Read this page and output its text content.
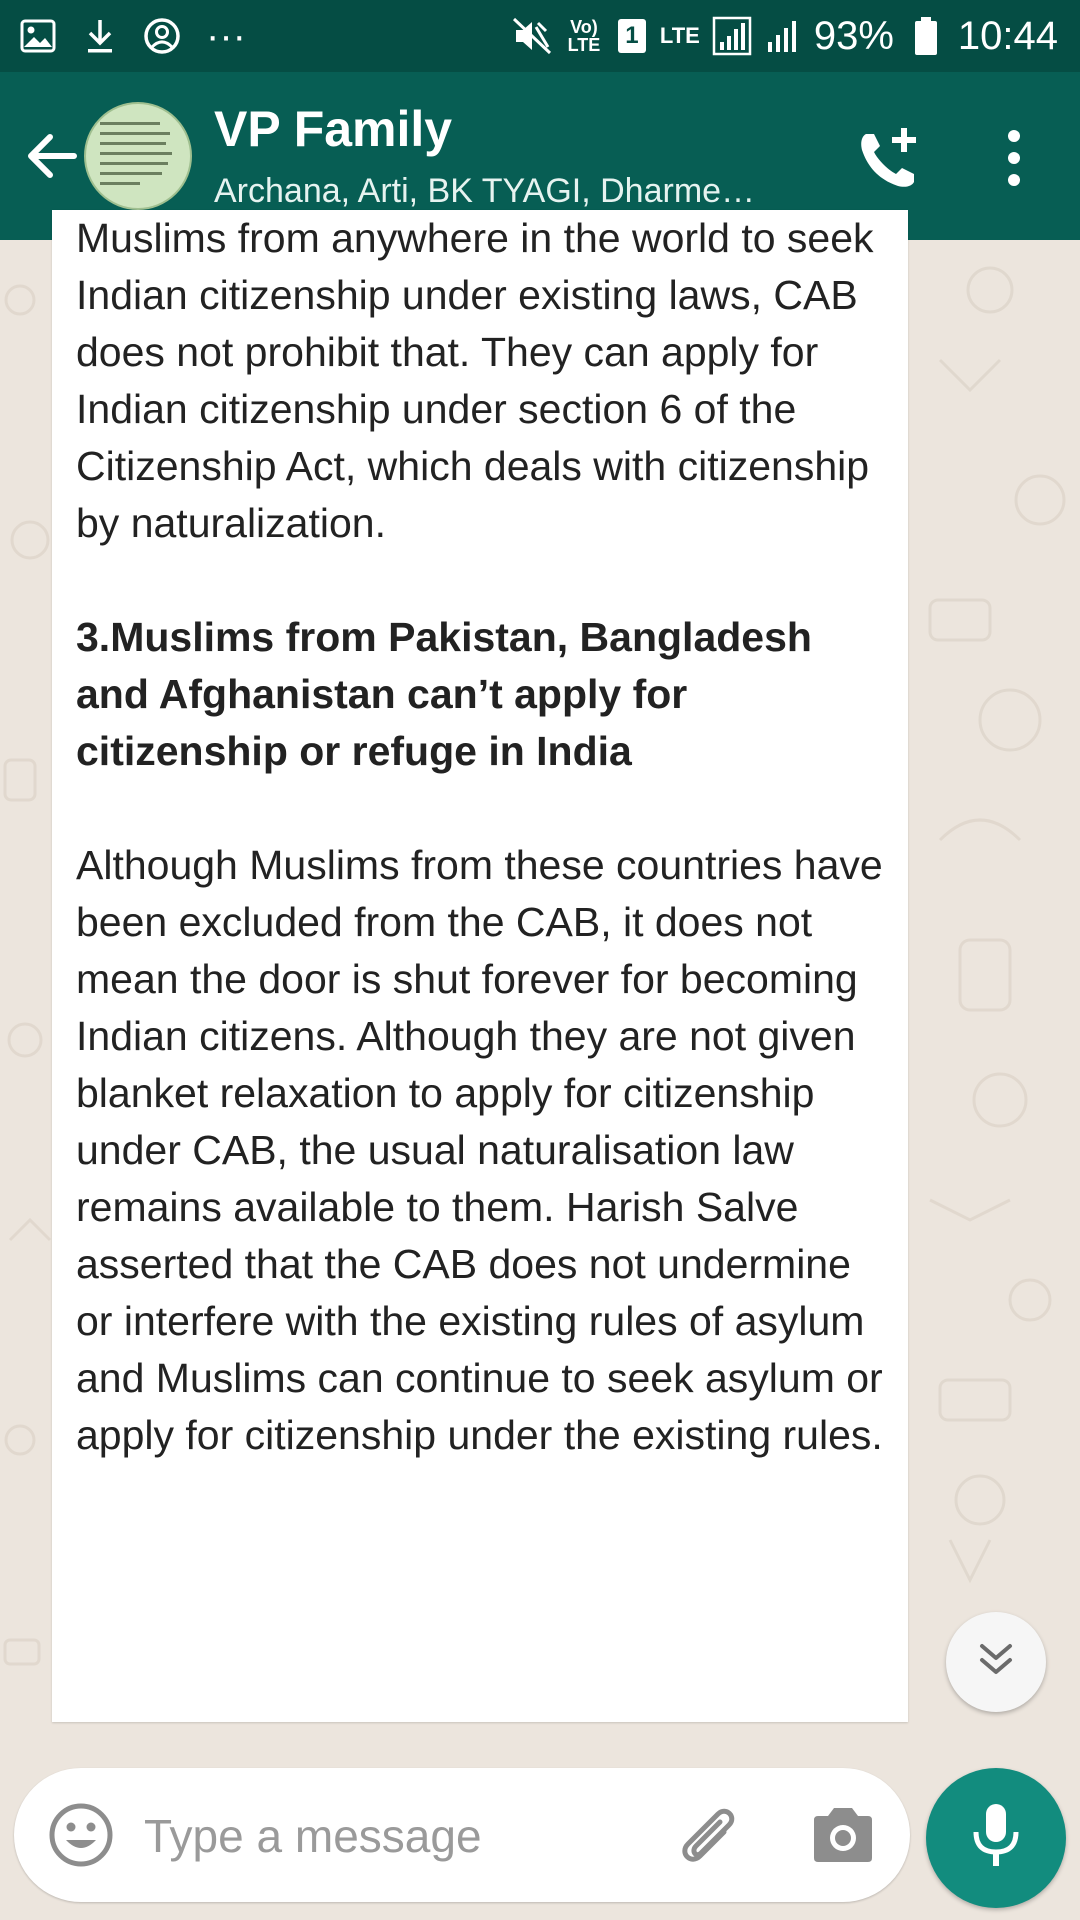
···	Vo) LTE	1 LTE	93% 10:44
VP Family
Archana, Arti, BK TYAGI, Dharme…

Muslims from anywhere in the world to seek Indian citizenship under existing laws, CAB does not prohibit that. They can apply for Indian citizenship under section 6 of the Citizenship Act, which deals with citizenship by naturalization.

3.Muslims from Pakistan, Bangladesh and Afghanistan can’t apply for citizenship or refuge in India

Although Muslims from these countries have been excluded from the CAB, it does not mean the door is shut forever for becoming Indian citizens. Although they are not given blanket relaxation to apply for citizenship under CAB, the usual naturalisation law remains available to them. Harish Salve asserted that the CAB does not undermine or interfere with the existing rules of asylum and Muslims can continue to seek asylum or apply for citizenship under the existing rules.

Type a message
